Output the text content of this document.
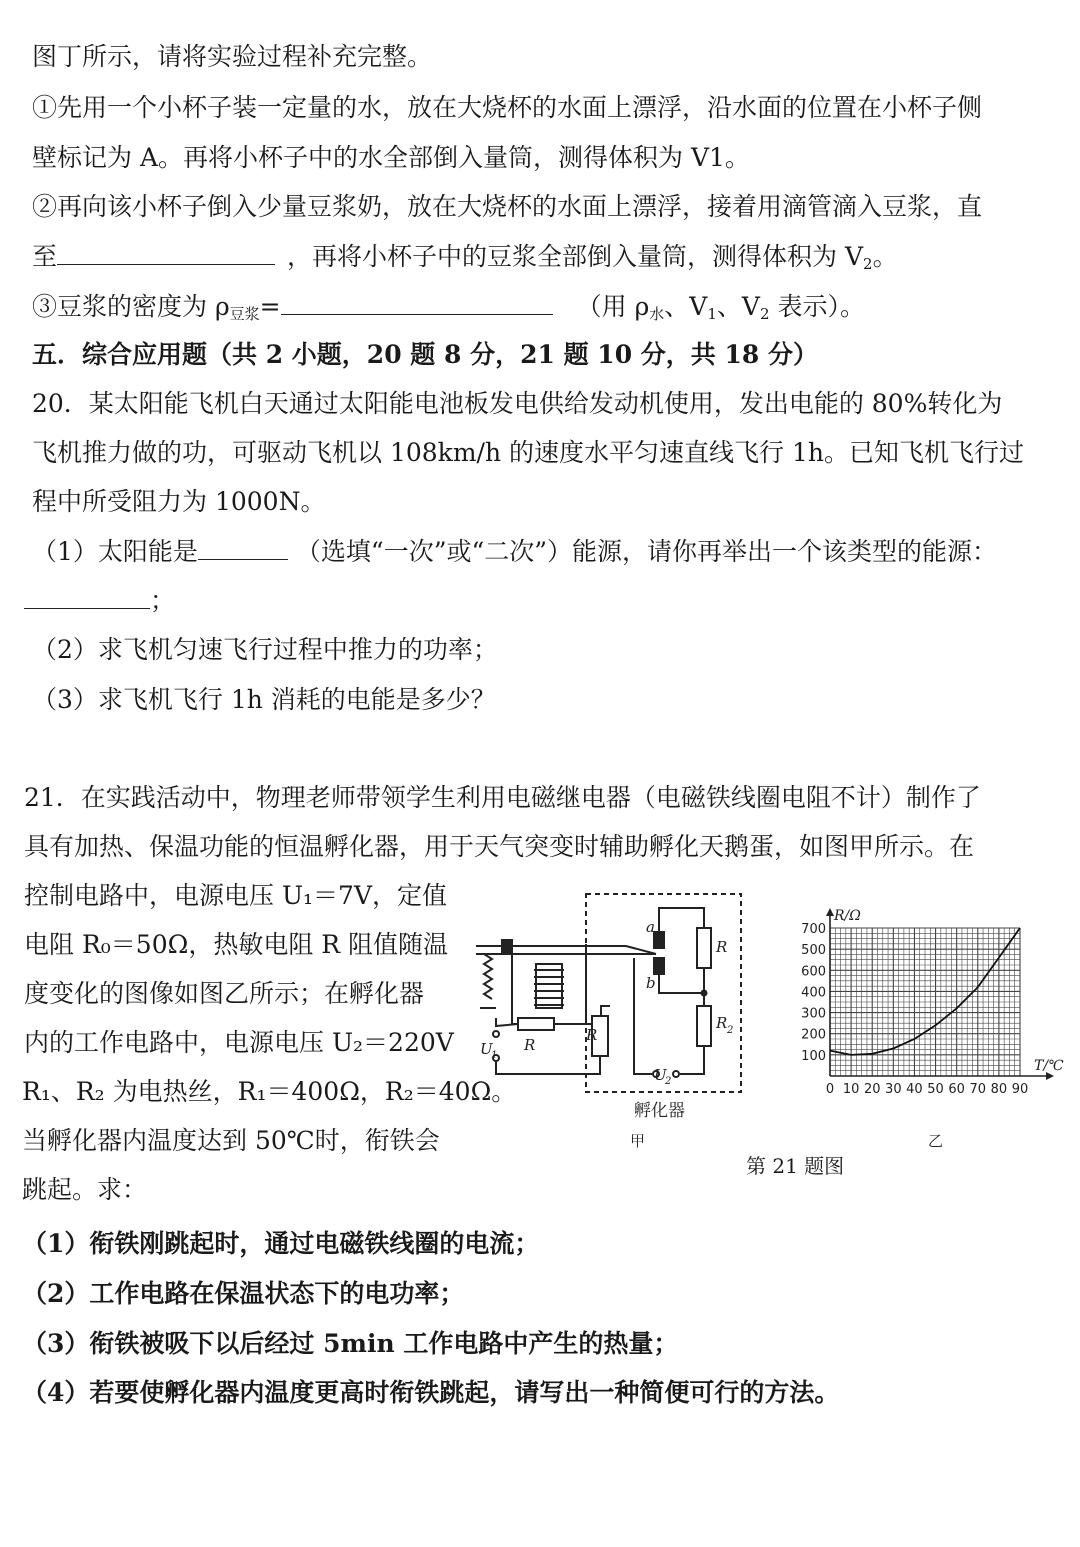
图丁所示，请将实验过程补充完整。
①先用一个小杯子装一定量的水，放在大烧杯的水面上漂浮，沿水面的位置在小杯子侧
壁标记为 A。再将小杯子中的水全部倒入量筒，测得体积为 V1。
②再向该小杯子倒入少量豆浆奶，放在大烧杯的水面上漂浮，接着用滴管滴入豆浆，直
至	，再将小杯子中的豆浆全部倒入量筒，测得体积为 $V_2$。
③豆浆的密度为 $\rho_{豆浆}=$	（用 $\rho_水$、$V_1$、$V_2$ 表示）。
五．综合应用题（共 2 小题，20 题 8 分，21 题 10 分，共 18 分）
20．某太阳能飞机白天通过太阳能电池板发电供给发动机使用，发出电能的 80%转化为
飞机推力做的功，可驱动飞机以 108km/h 的速度水平匀速直线飞行 1h。已知飞机飞行过
程中所受阻力为 1000N。
（1）太阳能是	（选填“一次”或“二次”）能源，请你再举出一个该类型的能源：
；
（2）求飞机匀速飞行过程中推力的功率；
（3）求飞机飞行 1h 消耗的电能是多少？
21．在实践活动中，物理老师带领学生利用电磁继电器（电磁铁线圈电阻不计）制作了
具有加热、保温功能的恒温孵化器，用于天气突变时辅助孵化天鹅蛋，如图甲所示。在
控制电路中，电源电压 U₁＝7V，定值
电阻 R₀＝50Ω，热敏电阻 R 阻值随温
度变化的图像如图乙所示；在孵化器
内的工作电路中，电源电压 U₂＝220V
R₁、R₂ 为电热丝，R₁＝400Ω，R₂＝40Ω。
当孵化器内温度达到 50℃时，衔铁会
跳起。求：
（1）衔铁刚跳起时，通过电磁铁线圈的电流；
（2）工作电路在保温状态下的电功率；
（3）衔铁被吸下以后经过 5min 工作电路中产生的热量；
（4）若要使孵化器内温度更高时衔铁跳起，请写出一种简便可行的方法。
a
b
R
R 2
R
R
U
1
U
2
孵化器
甲
R/Ω
T/℃
0 10 20 30 40 50 60 70 80 90
100
200
300
400
600
500
700
乙
第 21 题图
